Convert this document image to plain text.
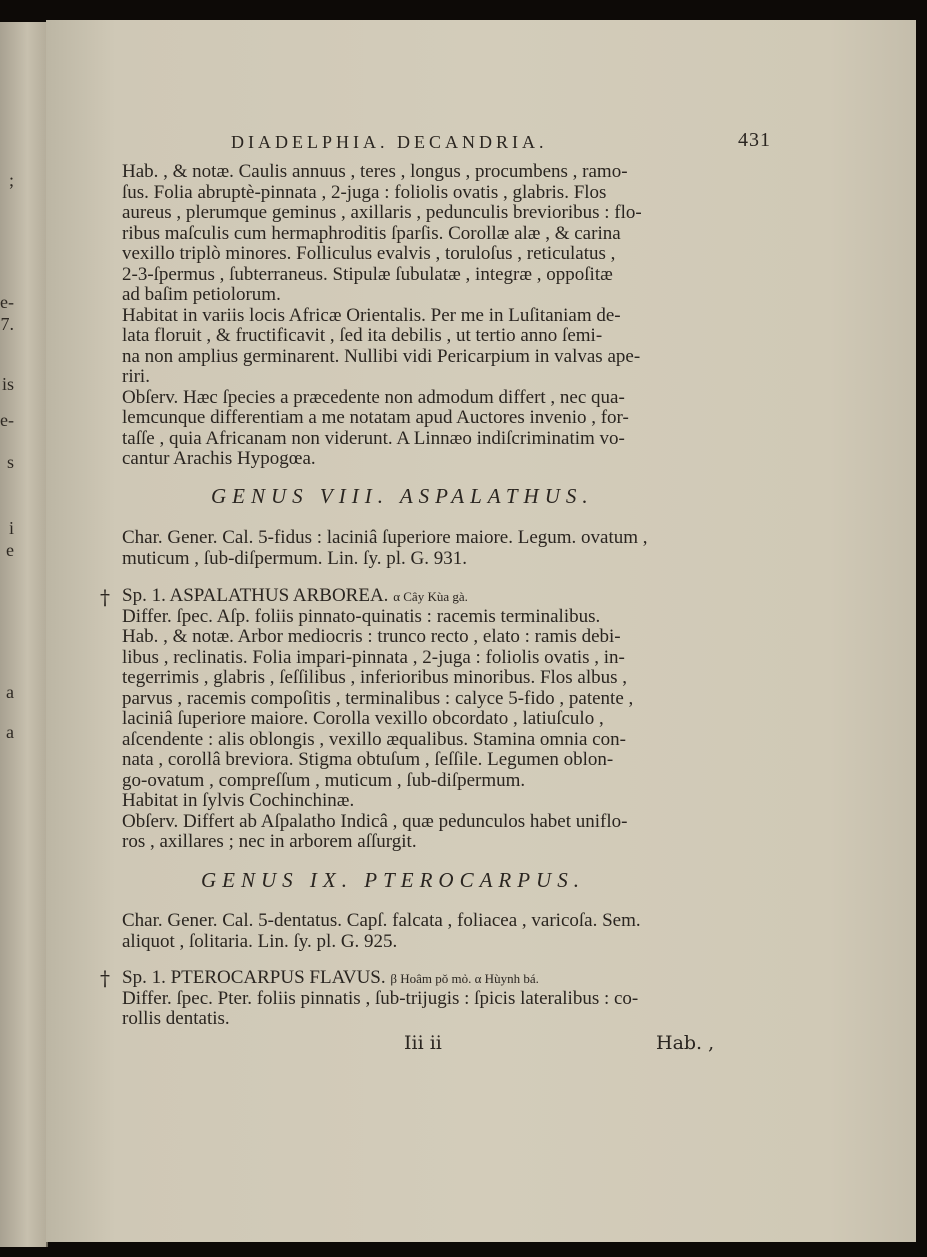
;
e-
7.
is
e-
s
i
e
a
a
DIADELPHIA. DECANDRIA.	431
Hab. , & notæ. Caulis annuus , teres , longus , procumbens , ramo-
ſus. Folia abruptè-pinnata , 2-juga : foliolis ovatis , glabris. Flos
aureus , plerumque geminus , axillaris , pedunculis brevioribus : flo-
ribus maſculis cum hermaphroditis ſparſis. Corollæ alæ , & carina
vexillo triplò minores. Folliculus evalvis , toruloſus , reticulatus ,
2-3-ſpermus , ſubterraneus. Stipulæ ſubulatæ , integræ , oppoſitæ
ad baſim petiolorum.
Habitat in variis locis Africæ Orientalis. Per me in Luſitaniam de-
lata floruit , & fructificavit , ſed ita debilis , ut tertio anno ſemi-
na non amplius germinarent. Nullibi vidi Pericarpium in valvas ape-
riri.
Obſerv. Hæc ſpecies a præcedente non admodum differt , nec qua-
lemcunque differentiam a me notatam apud Auctores invenio , for-
taſſe , quia Africanam non viderunt. A Linnæo indiſcriminatim vo-
cantur Arachis Hypogœa.
GENUS VIII. ASPALATHUS.
Char. Gener. Cal. 5-fidus : laciniâ ſuperiore maiore. Legum. ovatum ,
muticum , ſub-diſpermum. Lin. ſy. pl. G. 931.
† Sp. 1. ASPALATHUS ARBOREA. α Cây Kùa gà.
Differ. ſpec. Aſp. foliis pinnato-quinatis : racemis terminalibus.
Hab. , & notæ. Arbor mediocris : trunco recto , elato : ramis debi-
libus , reclinatis. Folia impari-pinnata , 2-juga : foliolis ovatis , in-
tegerrimis , glabris , ſeſſilibus , inferioribus minoribus. Flos albus ,
parvus , racemis compoſitis , terminalibus : calyce 5-fido , patente ,
laciniâ ſuperiore maiore. Corolla vexillo obcordato , latiuſculo ,
aſcendente : alis oblongis , vexillo æqualibus. Stamina omnia con-
nata , corollâ breviora. Stigma obtuſum , ſeſſile. Legumen oblon-
go-ovatum , compreſſum , muticum , ſub-diſpermum.
Habitat in ſylvis Cochinchinæ.
Obſerv. Differt ab Aſpalatho Indicâ , quæ pedunculos habet uniflo-
ros , axillares ; nec in arborem aſſurgit.
GENUS IX. PTEROCARPUS.
Char. Gener. Cal. 5-dentatus. Capſ. falcata , foliacea , varicoſa. Sem.
aliquot , ſolitaria. Lin. ſy. pl. G. 925.
† Sp. 1. PTEROCARPUS FLAVUS. β Hoâm pǒ mỏ. α Hùynh bá.
Differ. ſpec. Pter. foliis pinnatis , ſub-trijugis : ſpicis lateralibus : co-
rollis dentatis.
Iii ii	Hab. ,
